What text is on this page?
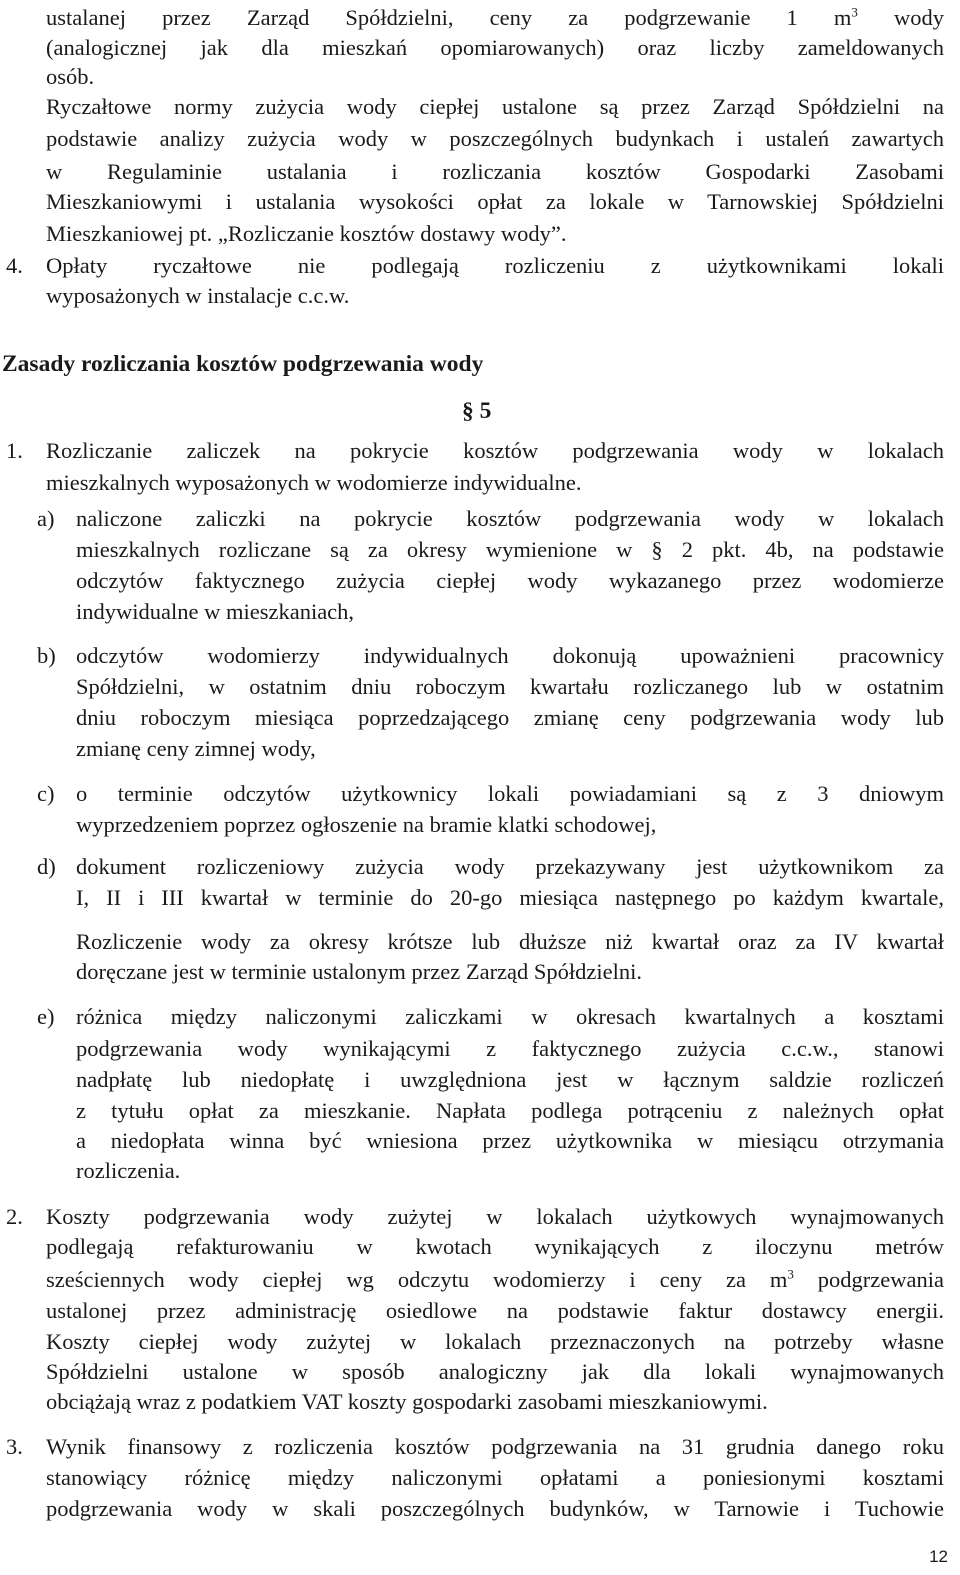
ustalanej przez Zarząd Spółdzielni, ceny za podgrzewanie 1 $m^3$ wody
(analogicznej jak dla mieszkań opomiarowanych) oraz liczby zameldowanych
osób.
Ryczałtowe normy zużycia wody ciepłej ustalone są przez Zarząd Spółdzielni na
podstawie analizy zużycia wody w poszczególnych budynkach i ustaleń zawartych
w Regulaminie ustalania i rozliczania kosztów Gospodarki Zasobami
Mieszkaniowymi i ustalania wysokości opłat za lokale w Tarnowskiej Spółdzielni
Mieszkaniowej pt. „Rozliczanie kosztów dostawy wody”.
4. Opłaty ryczałtowe nie podlegają rozliczeniu z użytkownikami lokali
wyposażonych w instalacje c.c.w.
Zasady rozliczania kosztów podgrzewania wody
§ 5
1. Rozliczanie zaliczek na pokrycie kosztów podgrzewania wody w lokalach
mieszkalnych wyposażonych w wodomierze indywidualne.
a) naliczone zaliczki na pokrycie kosztów podgrzewania wody w lokalach
mieszkalnych rozliczane są za okresy wymienione w § 2 pkt. 4b, na podstawie
odczytów faktycznego zużycia ciepłej wody wykazanego przez wodomierze
indywidualne w mieszkaniach,
b) odczytów wodomierzy indywidualnych dokonują upoważnieni pracownicy
Spółdzielni, w ostatnim dniu roboczym kwartału rozliczanego lub w ostatnim
dniu roboczym miesiąca poprzedzającego zmianę ceny podgrzewania wody lub
zmianę ceny zimnej wody,
c) o terminie odczytów użytkownicy lokali powiadamiani są z 3 dniowym
wyprzedzeniem poprzez ogłoszenie na bramie klatki schodowej,
d) dokument rozliczeniowy zużycia wody przekazywany jest użytkownikom za
I, II i III kwartał w terminie do 20-go miesiąca następnego po każdym kwartale,
Rozliczenie wody za okresy krótsze lub dłuższe niż kwartał oraz za IV kwartał
doręczane jest w terminie ustalonym przez Zarząd Spółdzielni.
e) różnica między naliczonymi zaliczkami w okresach kwartalnych a kosztami
podgrzewania wody wynikającymi z faktycznego zużycia c.c.w., stanowi
nadpłatę lub niedopłatę i uwzględniona jest w łącznym saldzie rozliczeń
z tytułu opłat za mieszkanie. Napłata podlega potrąceniu z należnych opłat
a niedopłata winna być wniesiona przez użytkownika w miesiącu otrzymania
rozliczenia.
2. Koszty podgrzewania wody zużytej w lokalach użytkowych wynajmowanych
podlegają refakturowaniu w kwotach wynikających z iloczynu metrów
sześciennych wody ciepłej wg odczytu wodomierzy i ceny za $m^3$ podgrzewania
ustalonej przez administrację osiedlowe na podstawie faktur dostawcy energii.
Koszty ciepłej wody zużytej w lokalach przeznaczonych na potrzeby własne
Spółdzielni ustalone w sposób analogiczny jak dla lokali wynajmowanych
obciążają wraz z podatkiem VAT koszty gospodarki zasobami mieszkaniowymi.
3. Wynik finansowy z rozliczenia kosztów podgrzewania na 31 grudnia danego roku
stanowiący różnicę między naliczonymi opłatami a poniesionymi kosztami
podgrzewania wody w skali poszczególnych budynków, w Tarnowie i Tuchowie
12
